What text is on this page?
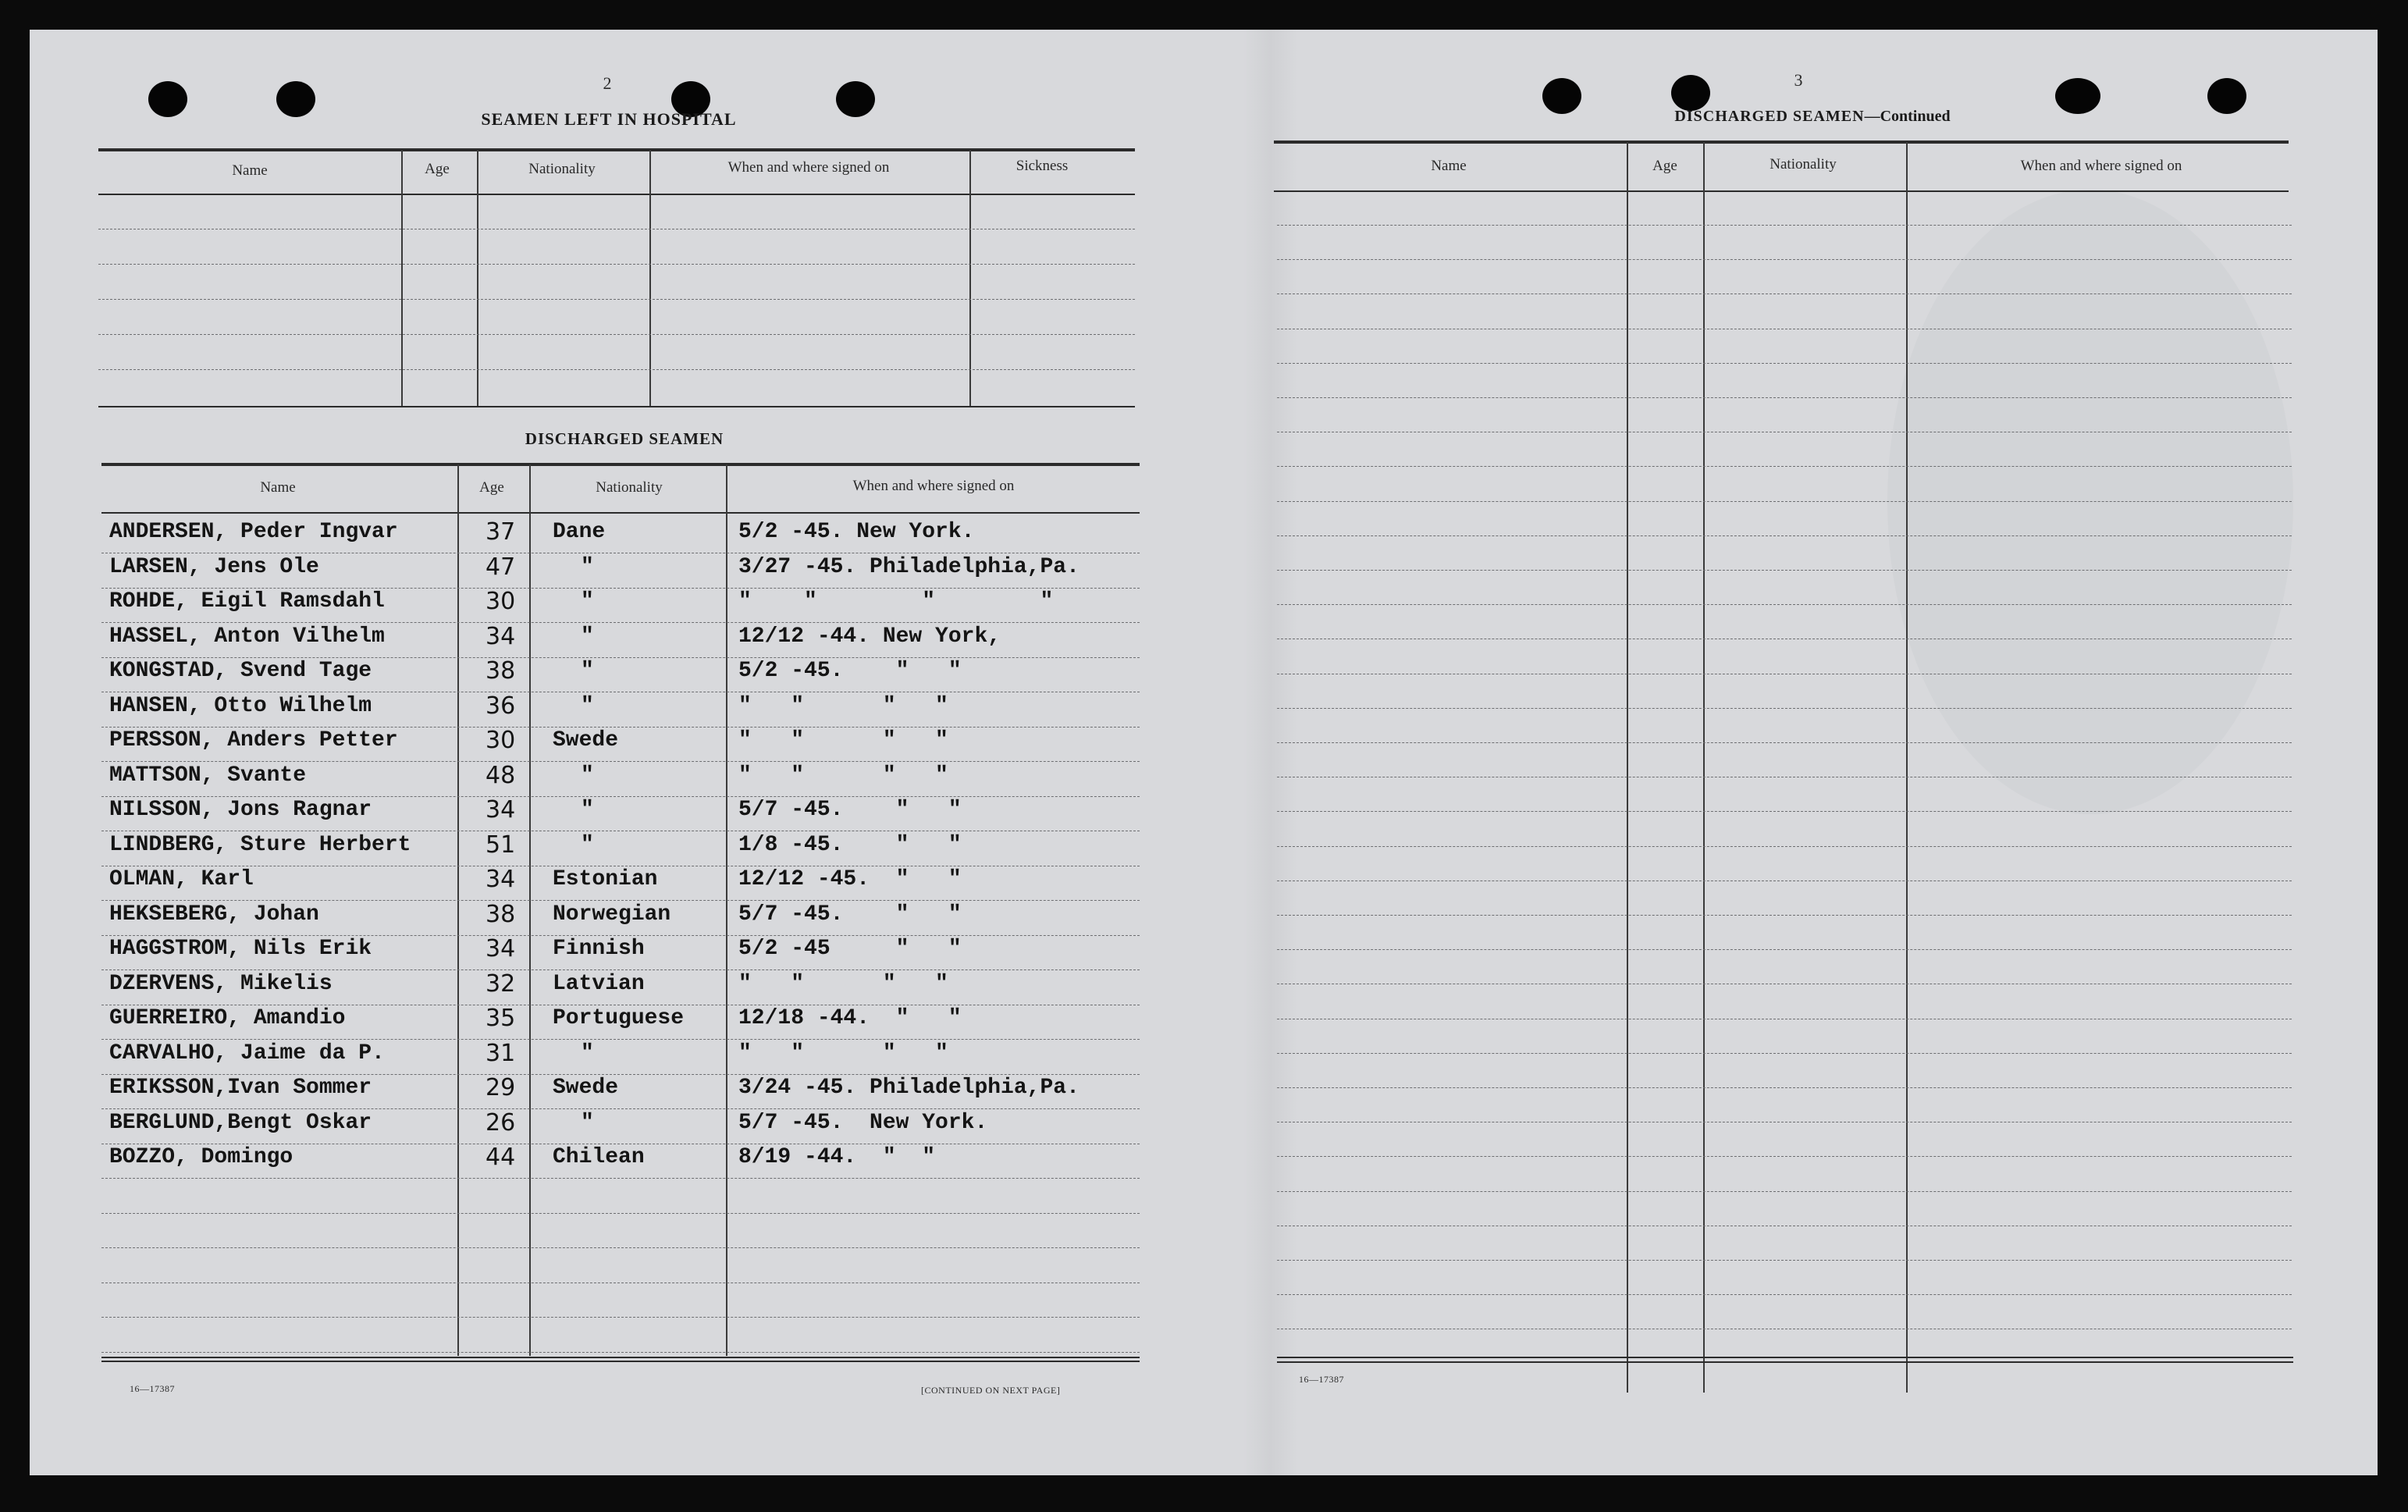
2
SEAMEN LEFT IN HOSPITAL
Name	Age	Nationality	When and where signed on	Sickness
DISCHARGED SEAMEN
Name	Age	Nationality	When and where signed on
ANDERSEN, Peder Ingvar	37 Dane	5/2 -45. New York.
LARSEN, Jens Ole	47	"	3/27 -45. Philadelphia,Pa.
ROHDE, Eigil Ramsdahl	30	"	"    "        "        "
HASSEL, Anton Vilhelm	34	"	12/12 -44. New York,
KONGSTAD, Svend Tage	38	"	5/2 -45.    "   "
HANSEN, Otto Wilhelm	36	"	"   "      "   "
PERSSON, Anders Petter	30 Swede	"   "      "   "
MATTSON, Svante	48	"	"   "      "   "
NILSSON, Jons Ragnar	34	"	5/7 -45.    "   "
LINDBERG, Sture Herbert	51	"	1/8 -45.    "   "
OLMAN, Karl	34 Estonian	12/12 -45.  "   "
HEKSEBERG, Johan	38 Norwegian	5/7 -45.    "   "
HAGGSTROM, Nils Erik	34 Finnish	5/2 -45     "   "
DZERVENS, Mikelis	32 Latvian	"   "      "   "
GUERREIRO, Amandio	35 Portuguese 12/18 -44.  "   "
CARVALHO, Jaime da P.	31	"	"   "      "   "
ERIKSSON,Ivan Sommer	29 Swede	3/24 -45. Philadelphia,Pa.
BERGLUND,Bengt Oskar	26	"	5/7 -45.  New York.
BOZZO, Domingo	44 Chilean	8/19 -44.  "  "
16—17387	[CONTINUED ON NEXT PAGE]
3
DISCHARGED SEAMEN—Continued
Name	Age	Nationality	When and where signed on
16—17387
